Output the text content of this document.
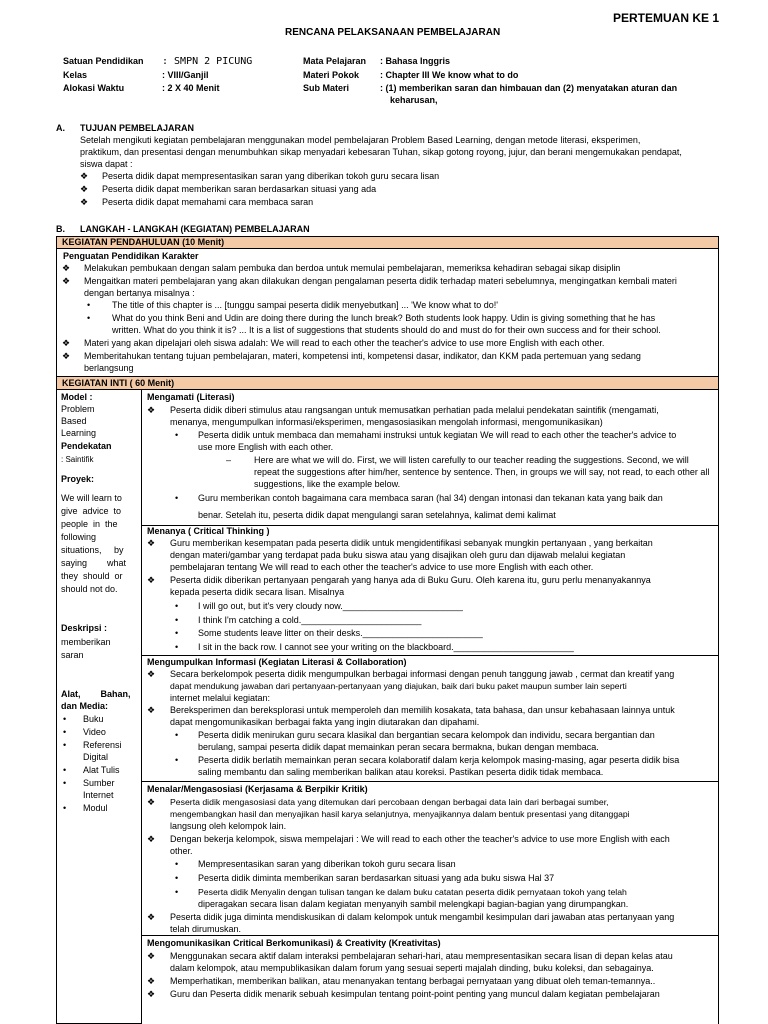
PERTEMUAN KE 1
RENCANA PELAKSANAAN PEMBELAJARAN
Satuan Pendidikan : SMPN 2 PICUNG
Kelas	: VIII/Ganjil
Alokasi Waktu	: 2 X 40 Menit
Mata Pelajaran : Bahasa Inggris
Materi Pokok : Chapter III We know what to do
Sub Materi	: (1) memberikan saran dan himbauan dan (2) menyatakan aturan dan
keharusan,
A. TUJUAN PEMBELAJARAN
Setelah mengikuti kegiatan pembelajaran menggunakan model pembelajaran Problem Based Learning, dengan metode literasi, eksperimen,
praktikum, dan presentasi dengan menumbuhkan sikap menyadari kebesaran Tuhan, sikap gotong royong, jujur, dan berani mengemukakan pendapat,
siswa dapat :
❖ Peserta didik dapat mempresentasikan saran yang diberikan tokoh guru secara lisan
❖ Peserta didik dapat memberikan saran berdasarkan situasi yang ada
❖ Peserta didik dapat memahami cara membaca saran
B. LANGKAH - LANGKAH (KEGIATAN) PEMBELAJARAN
KEGIATAN PENDAHULUAN (10 Menit)
Penguatan Pendidikan Karakter
❖ Melakukan pembukaan dengan salam pembuka dan berdoa untuk memulai pembelajaran, memeriksa kehadiran sebagai sikap disiplin
❖ Mengaitkan materi pembelajaran yang akan dilakukan dengan pengalaman peserta didik terhadap materi sebelumnya, mengingatkan kembali materi
dengan bertanya misalnya :
• The title of this chapter is ... [tunggu sampai peserta didik menyebutkan] ... 'We know what to do!'
• What do you think Beni and Udin are doing there during the lunch break? Both students look happy. Udin is giving something that he has
written. What do you think it is? ... It is a list of suggestions that students should do and must do for their own success and for their school.
❖ Materi yang akan dipelajari oleh siswa adalah: We will read to each other the teacher's advice to use more English with each other.
❖ Memberitahukan tentang tujuan pembelajaran, materi, kompetensi inti, kompetensi dasar, indikator, dan KKM pada pertemuan yang sedang
berlangsung
KEGIATAN INTI ( 60 Menit)
Model :
Problem
Based
Learning
Pendekatan
: Saintifik
Proyek:
We will learn to
give  advice  to
people  in  the
following
situations,     by
saying        what
they  should  or
should not do.
Deskripsi :
memberikan
saran
Alat,        Bahan,
dan Media:
• Buku
• Video
• Referensi
Digital
• Alat Tulis
• Sumber
Internet
• Modul
Mengamati (Literasi)
❖ Peserta didik diberi stimulus atau rangsangan untuk memusatkan perhatian pada melalui pendekatan saintifik (mengamati,
menanya, mengumpulkan informasi/eksperimen, mengasosiasikan mengolah informasi, mengomunikasikan)
• Peserta didik untuk membaca dan memahami instruksi untuk kegiatan We will read to each other the teacher's advice to
use more English with each other.
–	Here are what we will do. First, we will listen carefully to our teacher reading the suggestions. Second, we will
repeat the suggestions after him/her, sentence by sentence. Then, in groups we will say, not read, to each other all
suggestions, like the example below.
• Guru memberikan contoh bagaimana cara membaca saran (hal 34) dengan intonasi dan tekanan kata yang baik dan
benar. Setelah itu, peserta didik dapat mengulangi saran setelahnya, kalimat demi kalimat
Menanya ( Critical Thinking )
❖ Guru memberikan kesempatan pada peserta didik untuk mengidentifikasi sebanyak mungkin pertanyaan , yang berkaitan
dengan materi/gambar yang terdapat pada buku siswa atau yang disajikan oleh guru dan dijawab melalui kegiatan
pembelajaran tentang We will read to each other the teacher's advice to use more English with each other.
❖ Peserta didik diberikan pertanyaan pengarah yang hanya ada di Buku Guru. Oleh karena itu, guru perlu menanyakannya
kepada peserta didik secara lisan. Misalnya
• I will go out, but it's very cloudy now.________________________
• I think I'm catching a cold.________________________
• Some students leave litter on their desks.________________________
• I sit in the back row. I cannot see your writing on the blackboard.________________________
Mengumpulkan Informasi (Kegiatan Literasi & Collaboration)
❖ Secara berkelompok peserta didik mengumpulkan berbagai informasi dengan penuh tanggung jawab , cermat dan kreatif yang
dapat mendukung jawaban dari pertanyaan-pertanyaan yang diajukan, baik dari buku paket maupun sumber lain seperti
internet melalui kegiatan:
❖ Bereksperimen dan bereksplorasi untuk memperoleh dan memilih kosakata, tata bahasa, dan unsur kebahasaan lainnya untuk
dapat mengomunikasikan berbagai fakta yang ingin diutarakan dan dipahami.
• Peserta didik menirukan guru secara klasikal dan bergantian secara kelompok dan individu, secara bergantian dan
berulang, sampai peserta didik dapat memainkan peran secara bermakna, bukan dengan membaca.
• Peserta didik berlatih memainkan peran secara kolaboratif dalam kerja kelompok masing-masing, agar peserta didik bisa
saling membantu dan saling memberikan balikan atau koreksi. Pastikan peserta didik tidak membaca.
Menalar/Mengasosiasi (Kerjasama & Berpikir Kritik)
❖ Peserta didik mengasosiasi data yang ditemukan dari percobaan dengan berbagai data lain dari berbagai sumber,
mengembangkan hasil dan menyajikan hasil karya selanjutnya, menyajikannya dalam bentuk presentasi yang ditanggapi
langsung oleh kelompok lain.
❖ Dengan bekerja kelompok, siswa mempelajari : We will read to each other the teacher's advice to use more English with each
other.
• Mempresentasikan saran yang diberikan tokoh guru secara lisan
• Peserta didik diminta memberikan saran berdasarkan situasi yang ada buku siswa Hal 37
• Peserta didik Menyalin dengan tulisan tangan ke dalam buku catatan peserta didik pernyataan tokoh yang telah
diperagakan secara lisan dalam kegiatan menyanyih sambil melengkapi bagian-bagian yang dirumpangkan.
❖ Peserta didik juga diminta mendiskusikan di dalam kelompok untuk mengambil kesimpulan dari jawaban atas pertanyaan yang
telah dirumuskan.
Mengomunikasikan Critical Berkomunikasi) & Creativity (Kreativitas)
❖ Menggunakan secara aktif dalam interaksi pembelajaran sehari-hari, atau mempresentasikan secara lisan di depan kelas atau
dalam kelompok, atau mempublikasikan dalam forum yang sesuai seperti majalah dinding, buku koleksi, dan sebagainya.
❖ Memperhatikan, memberikan balikan, atau menanyakan tentang berbagai pernyataan yang dibuat oleh teman-temannya..
❖ Guru dan Peserta didik menarik sebuah kesimpulan tentang point-point penting yang muncul dalam kegiatan pembelajaran
